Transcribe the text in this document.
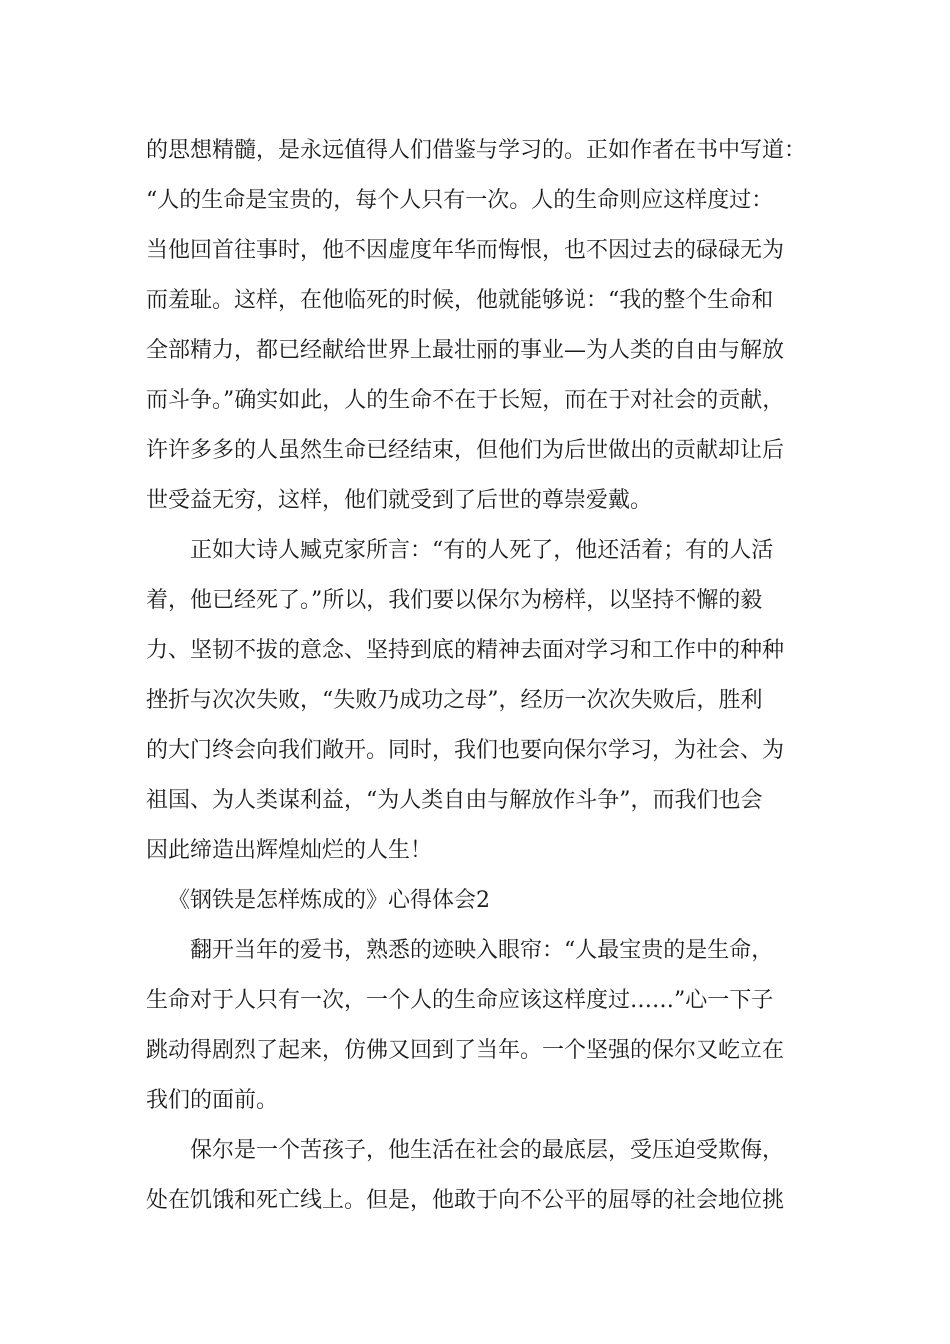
的思想精髓，是永远值得人们借鉴与学习的。正如作者在书中写道：
“人的生命是宝贵的，每个人只有一次。人的生命则应这样度过：
当他回首往事时，他不因虚度年华而悔恨，也不因过去的碌碌无为
而羞耻。这样，在他临死的时候，他就能够说：“我的整个生命和
全部精力，都已经献给世界上最壮丽的事业—为人类的自由与解放
而斗争。”确实如此，人的生命不在于长短，而在于对社会的贡献，
许许多多的人虽然生命已经结束，但他们为后世做出的贡献却让后
世受益无穷，这样，他们就受到了后世的尊崇爱戴。
正如大诗人臧克家所言：“有的人死了，他还活着；有的人活
着，他已经死了。”所以，我们要以保尔为榜样，以坚持不懈的毅
力、坚韧不拔的意念、坚持到底的精神去面对学习和工作中的种种
挫折与次次失败，“失败乃成功之母”，经历一次次失败后，胜利
的大门终会向我们敞开。同时，我们也要向保尔学习，为社会、为
祖国、为人类谋利益，“为人类自由与解放作斗争”，而我们也会
因此缔造出辉煌灿烂的人生！
《钢铁是怎样炼成的》心得体会2
翻开当年的爱书，熟悉的迹映入眼帘：“人最宝贵的是生命，
生命对于人只有一次，一个人的生命应该这样度过……”心一下子
跳动得剧烈了起来，仿佛又回到了当年。一个坚强的保尔又屹立在
我们的面前。
保尔是一个苦孩子，他生活在社会的最底层，受压迫受欺侮，
处在饥饿和死亡线上。但是，他敢于向不公平的屈辱的社会地位挑
